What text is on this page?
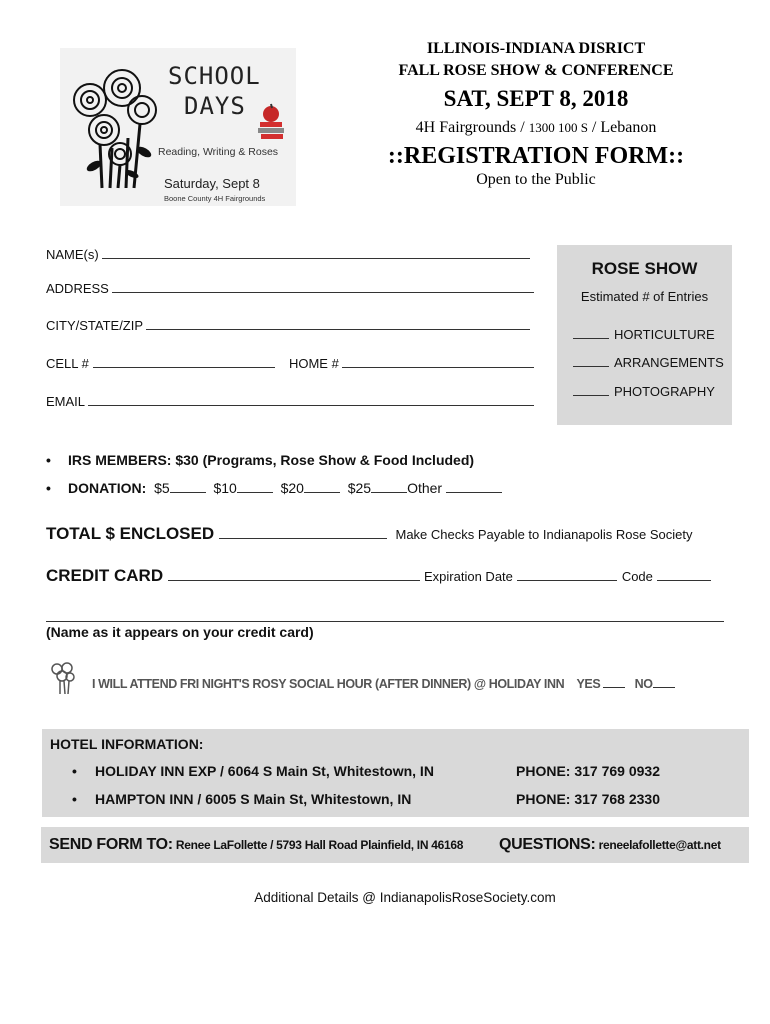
SCHOOL
DAYS
Reading, Writing & Roses
Saturday, Sept 8
Boone County 4H Fairgrounds
ILLINOIS-INDIANA DISRICT
FALL ROSE SHOW & CONFERENCE
SAT, SEPT 8, 2018
4H Fairgrounds / 1300 100 S / Lebanon
::REGISTRATION FORM::
Open to the Public
NAME(s)
ADDRESS
CITY/STATE/ZIP
CELL #	HOME #
EMAIL
ROSE SHOW
Estimated # of Entries
HORTICULTURE
ARRANGEMENTS
PHOTOGRAPHY
• IRS MEMBERS: $30 (Programs, Rose Show & Food Included)
• DONATION: $5	$10	$20	$25	Other
TOTAL $ ENCLOSED	Make Checks Payable to Indianapolis Rose Society
CREDIT CARD	Expiration Date	Code
(Name as it appears on your credit card)
I WILL ATTEND FRI NIGHT'S ROSY SOCIAL HOUR (AFTER DINNER) @ HOLIDAY INN YES	NO
HOTEL INFORMATION:
• HOLIDAY INN EXP / 6064 S Main St, Whitestown, IN	PHONE: 317 769 0932
• HAMPTON INN / 6005 S Main St, Whitestown, IN	PHONE: 317 768 2330
SEND FORM TO: Renee LaFollette / 5793 Hall Road Plainfield, IN 46168 QUESTIONS: reneelafollette@att.net
Additional Details @ IndianapolisRoseSociety.com
